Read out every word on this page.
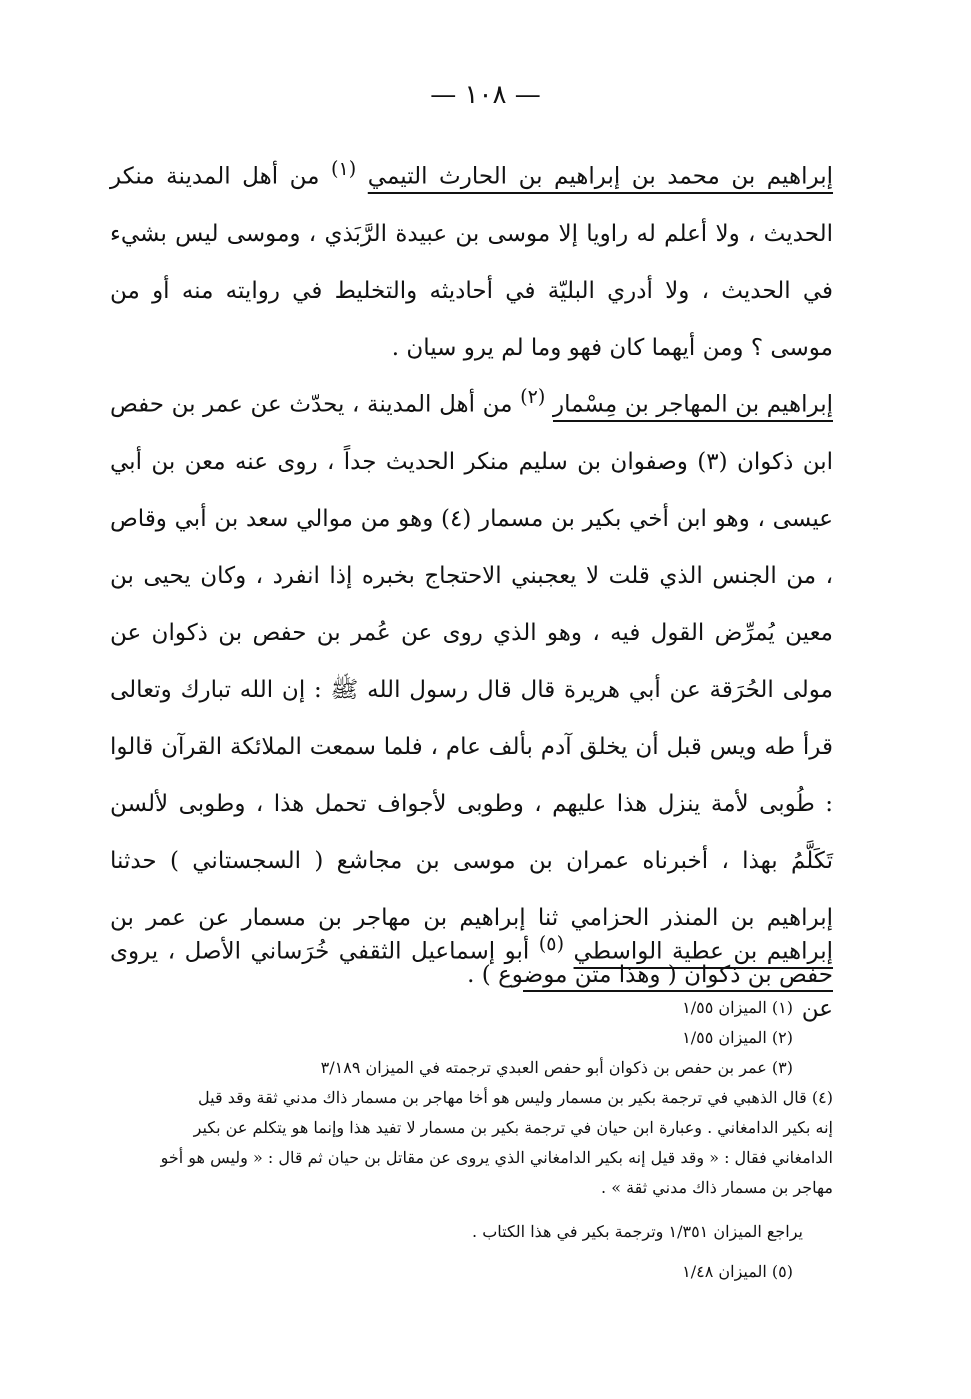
— ١٠٨ —
إبراهيم بن محمد بن إبراهيم بن الحارث التيمي $^{(١)}$ من أهل المدينة منكر الحديث ، ولا أعلم له راويا إلا موسى بن عبيدة الرَّبَذي ، وموسى ليس بشيء في الحديث ، ولا أدري البليّة في أحاديثه والتخليط في روايته منه أو من موسى ؟ ومن أيهما كان فهو وما لم يرو سيان .
إبراهيم بن المهاجر بن مِسْمار $^{(٢)}$ من أهل المدينة ، يحدّث عن عمر بن حفص ابن ذكوان (٣) وصفوان بن سليم منكر الحديث جداً ، روى عنه معن بن أبي عيسى ، وهو ابن أخي بكير بن مسمار (٤) وهو من موالي سعد بن أبي وقاص ، من الجنس الذي قلت لا يعجبني الاحتجاج بخبره إذا انفرد ، وكان يحيى بن معين يُمرِّض القول فيه ، وهو الذي روى عن عُمر بن حفص بن ذكوان عن مولى الحُرَقة عن أبي هريرة قال قال رسول الله ﷺ : إن الله تبارك وتعالى قرأ طه ويس قبل أن يخلق آدم بألف عام ، فلما سمعت الملائكة القرآن قالوا : طُوبى لأمة ينزل هذا عليهم ، وطوبى لأجواف تحمل هذا ، وطوبى لألسن تَكَلَّمُ بهذا ، أخبرناه عمران بن موسى بن مجاشع ( السجستاني ) حدثنا إبراهيم بن المنذر الحزامي ثنا إبراهيم بن مهاجر بن مسمار عن عمر بن حفص بن ذكوان ( وهذا متن موضوع ) .
إبراهيم بن عطية الواسطي $^{(٥)}$ أبو إسماعيل الثقفي خُرَساني الأصل ، يروى عن

(١) الميزان ١/٥٥

(٢) الميزان ١/٥٥

(٣) عمر بن حفص بن ذكوان أبو حفص العبدي ترجمته في الميزان ٣/١٨٩

(٤) قال الذهبي في ترجمة بكير بن مسمار وليس هو أخا مهاجر بن مسمار ذاك مدني ثقة وقد قيل
إنه بكير الدامغاني . وعبارة ابن حيان في ترجمة بكير بن مسمار لا تفيد هذا وإنما هو يتكلم عن بكير
الدامغاني فقال : « وقد قيل إنه بكير الدامغاني الذي يروى عن مقاتل بن حيان ثم قال : « وليس هو أخو
مهاجر بن مسمار ذاك مدني ثقة » .

يراجع الميزان ١/٣٥١ وترجمة بكير في هذا الكتاب .

(٥) الميزان ١/٤٨
